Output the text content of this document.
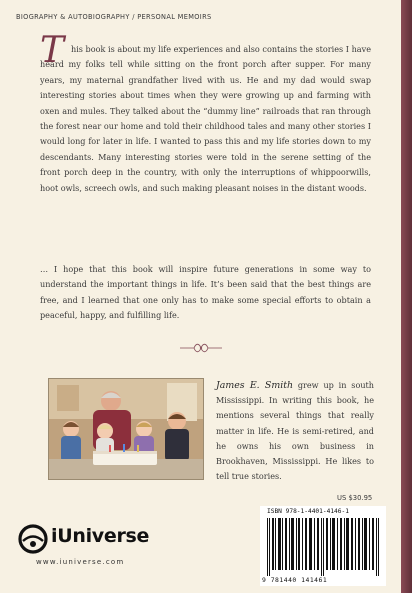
BIOGRAPHY & AUTOBIOGRAPHY / PERSONAL MEMOIRS
T his book is about my life experiences and also contains the stories I have heard my folks tell while sitting on the front porch after supper. For many years, my maternal grandfather lived with us. He and my dad would swap interesting stories about times when they were growing up and farming with oxen and mules. They talked about the “dummy line” railroads that ran through the forest near our home and told their childhood tales and many other stories I would long for later in life. I wanted to pass this and my life stories down to my descendants. Many interesting stories were told in the serene setting of the front porch deep in the country, with only the interruptions of whippoorwills, hoot owls, screech owls, and such making pleasant noises in the distant woods.

… I hope that this book will inspire future generations in some way to understand the important things in life. It’s been said that the best things are free, and I learned that one only has to make some special efforts to obtain a peaceful, happy, and fulfilling life.

James E. Smith grew up in south Mississippi. In writing this book, he mentions several things that really matter in life. He is semi-retired, and he owns his own business in Brookhaven, Mississippi. He likes to tell true stories.

US $30.95
ISBN 978-1-4401-4146-1
9 781440 141461
iUniverse
www.iuniverse.com
